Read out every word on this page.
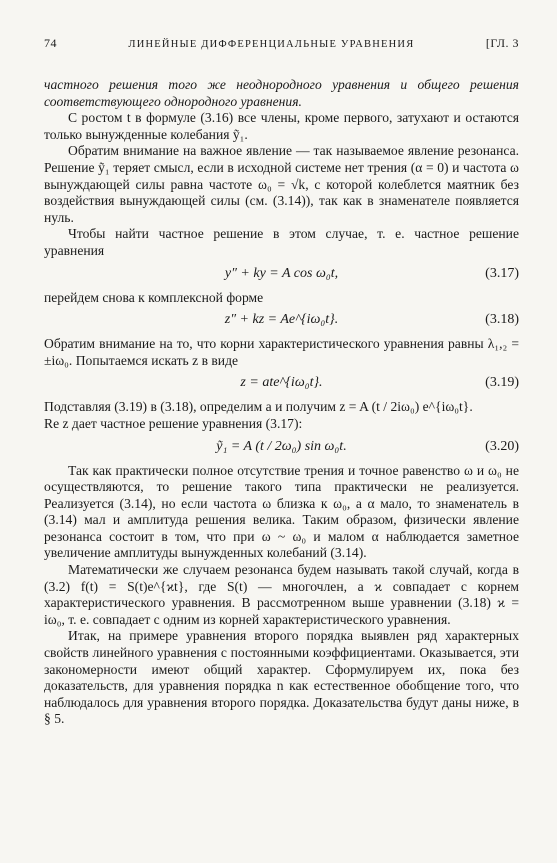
74	ЛИНЕЙНЫЕ ДИФФЕРЕНЦИАЛЬНЫЕ УРАВНЕНИЯ	[ГЛ. 3

частного решения того же неоднородного уравнения и общего решения соответствующего однородного уравнения.

С ростом t в формуле (3.16) все члены, кроме первого, затухают и остаются только вынужденные колебания ỹ₁.

Обратим внимание на важное явление — так называемое явление резонанса. Решение ỹ₁ теряет смысл, если в исходной системе нет трения (α = 0) и частота ω вынуждающей силы равна частоте ω₀ = √k, с которой колеблется маятник без воздействия вынуждающей силы (см. (3.14)), так как в знаменателе появляется нуль.

Чтобы найти частное решение в этом случае, т. е. частное решение уравнения

y″ + ky = A cos ω₀t,	(3.17)

перейдем снова к комплексной форме

z″ + kz = Ae^{iω₀t}.	(3.18)

Обратим внимание на то, что корни характеристического уравнения равны λ₁,₂ = ±iω₀. Попытаемся искать z в виде

z = ate^{iω₀t}.	(3.19)

Подставляя (3.19) в (3.18), определим a и получим z = A (t / 2iω₀) e^{iω₀t}.

Re z дает частное решение уравнения (3.17):

ỹ₁ = A (t / 2ω₀) sin ω₀t.	(3.20)

Так как практически полное отсутствие трения и точное равенство ω и ω₀ не осуществляются, то решение такого типа практически не реализуется. Реализуется (3.14), но если частота ω близка к ω₀, а α мало, то знаменатель в (3.14) мал и амплитуда решения велика. Таким образом, физически явление резонанса состоит в том, что при ω ~ ω₀ и малом α наблюдается заметное увеличение амплитуды вынужденных колебаний (3.14).

Математически же случаем резонанса будем называть такой случай, когда в (3.2) f(t) = S(t)e^{ϰt}, где S(t) — многочлен, а ϰ совпадает с корнем характеристического уравнения. В рассмотренном выше уравнении (3.18) ϰ = iω₀, т. е. совпадает с одним из корней характеристического уравнения.

Итак, на примере уравнения второго порядка выявлен ряд характерных свойств линейного уравнения с постоянными коэффициентами. Оказывается, эти закономерности имеют общий характер. Сформулируем их, пока без доказательств, для уравнения порядка n как естественное обобщение того, что наблюдалось для уравнения второго порядка. Доказательства будут даны ниже, в § 5.
